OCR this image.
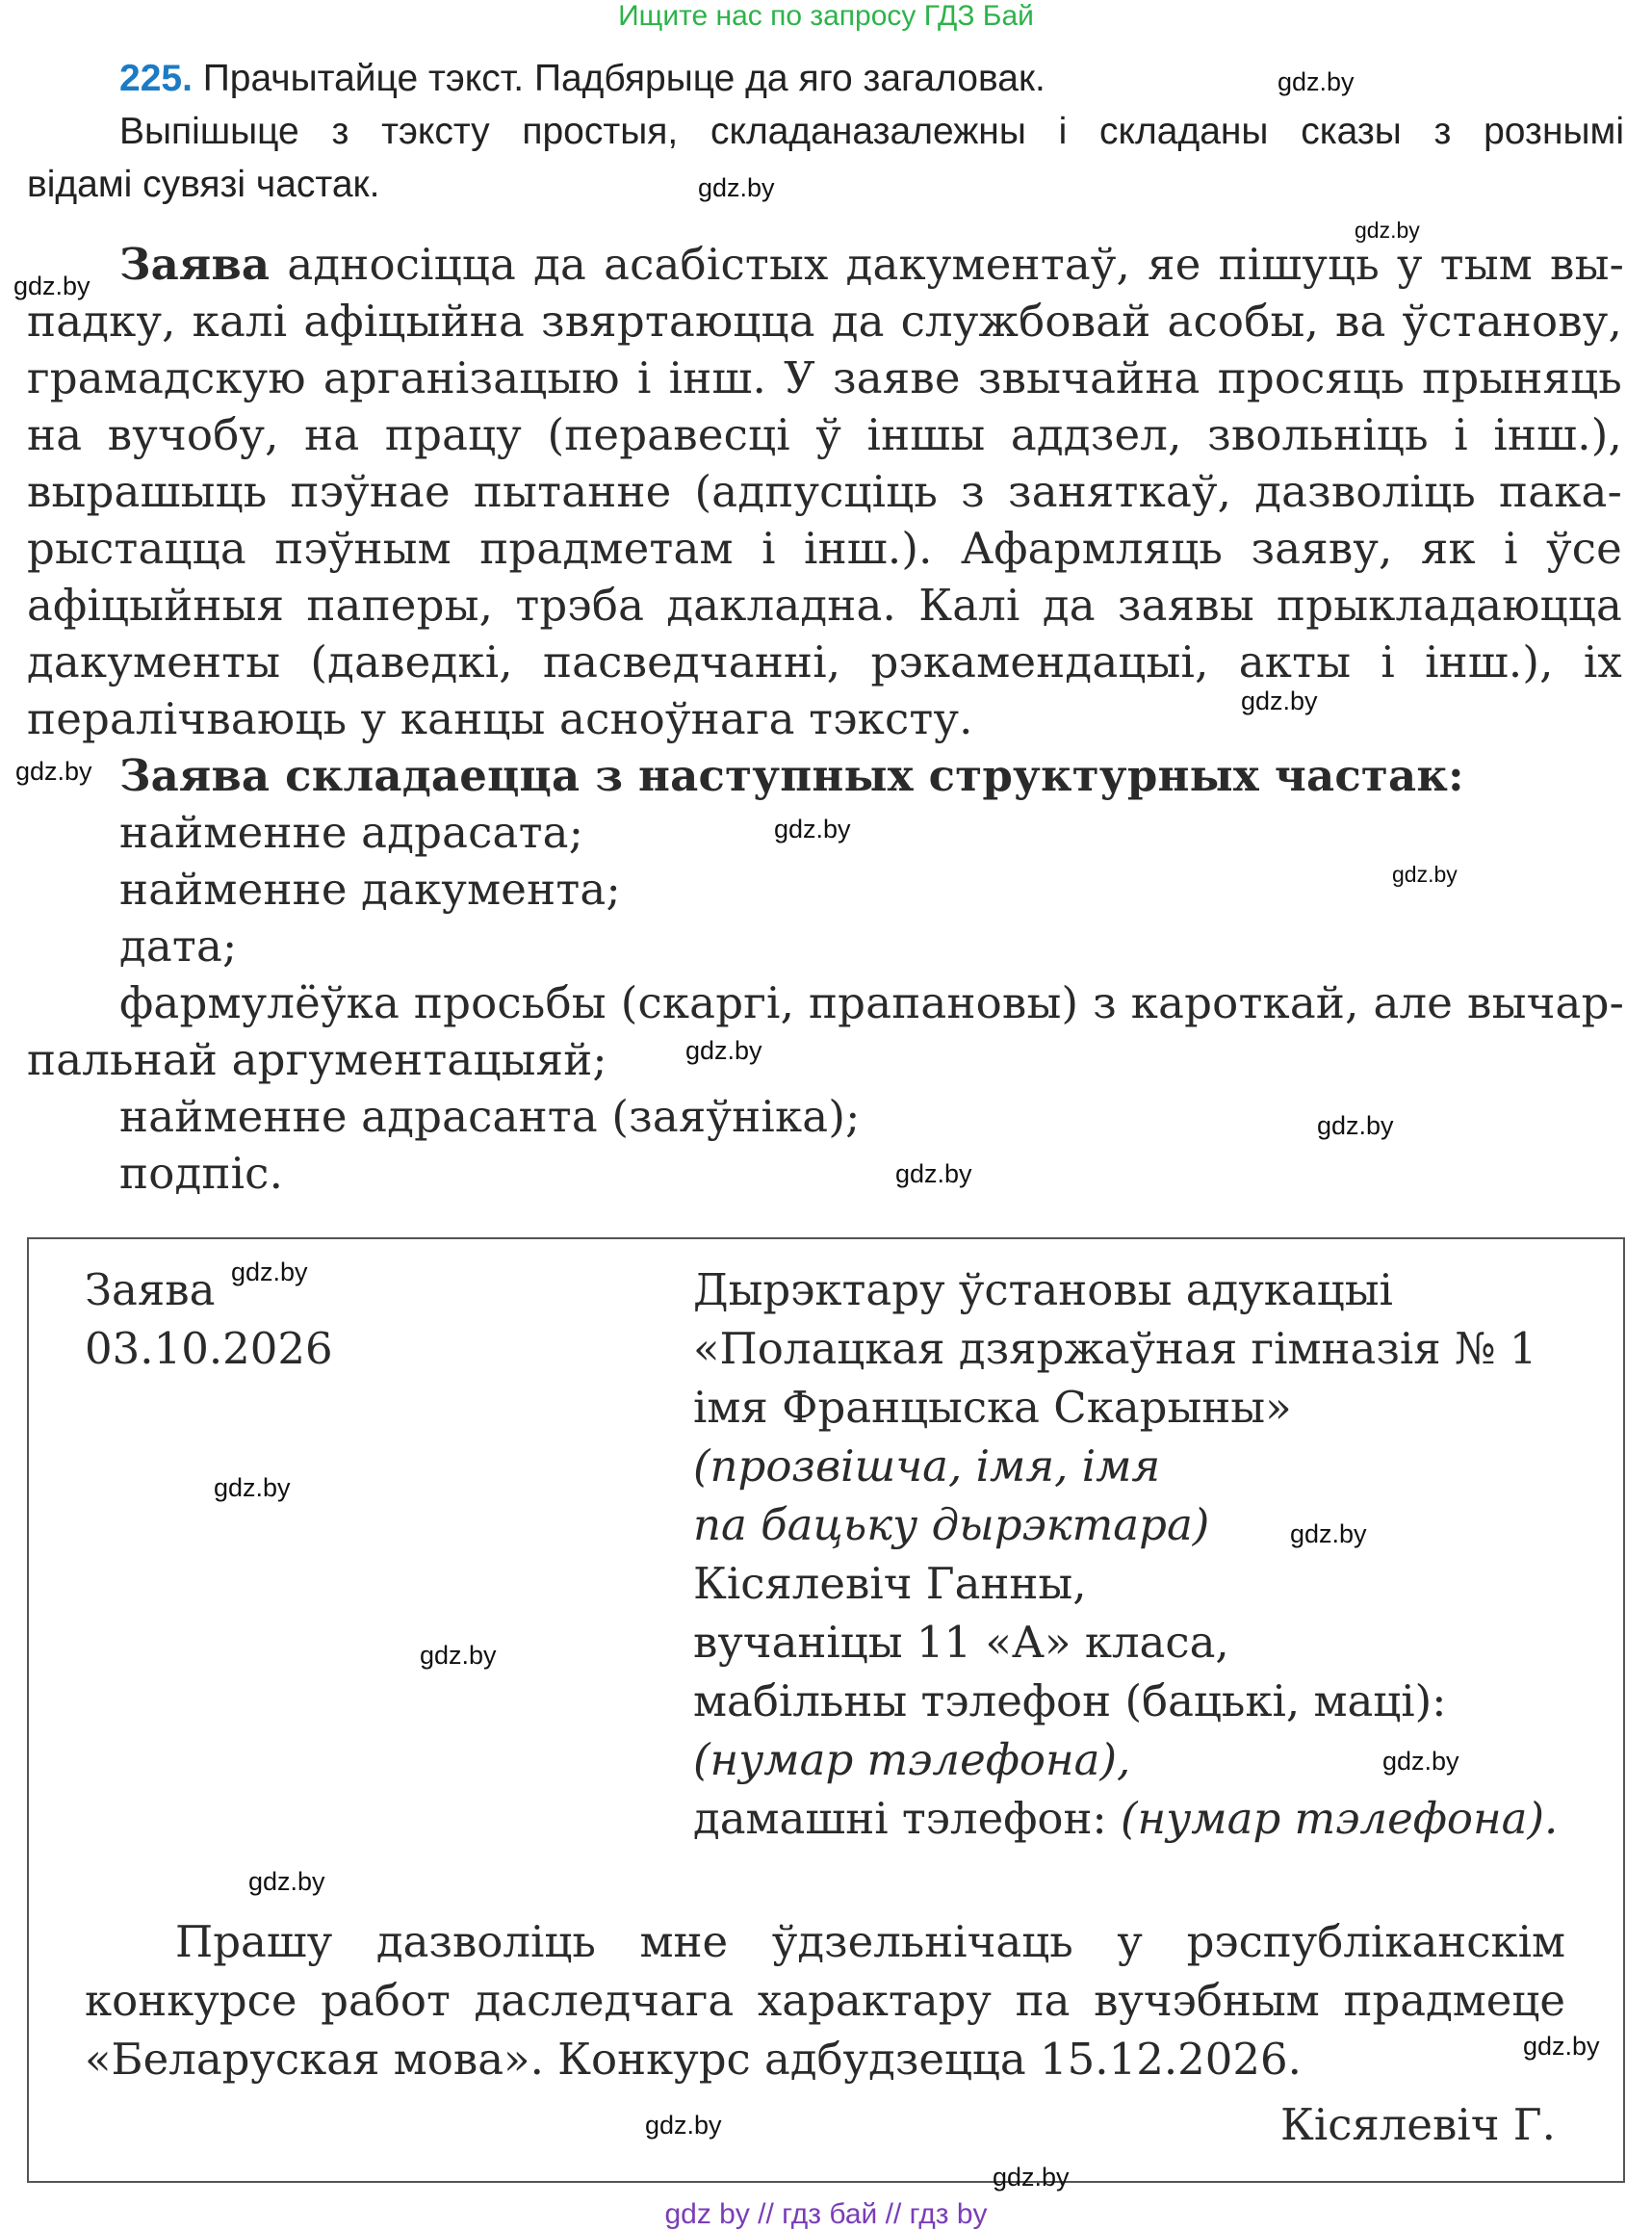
Ищите нас по запросу ГДЗ Бай
225. Прачытайце тэкст. Падбярыце да яго загаловак.
Выпішыце з тэксту простыя, складаназалежны і складаны сказы з рознымі
відамі сувязі частак.
Заява адносіцца да асабістых дакументаў, яе пішуць у тым вы-
падку, калі афіцыйна звяртаюцца да службовай асобы, ва ўстанову,
грамадскую арганізацыю і інш. У заяве звычайна просяць прыняць
на вучобу, на працу (перавесці ў іншы аддзел, звольніць і інш.),
вырашыць пэўнае пытанне (адпусціць з заняткаў, дазволіць пака-
рыстацца пэўным прадметам і інш.). Афармляць заяву, як і ўсе
афіцыйныя паперы, трэба дакладна. Калі да заявы прыкладаюцца
дакументы (даведкі, пасведчанні, рэкамендацыі, акты і інш.), іх
пералічваюць у канцы асноўнага тэксту.
Заява складаецца з наступных структурных частак:
найменне адрасата;
найменне дакумента;
дата;
фармулёўка просьбы (скаргі, прапановы) з кароткай, але вычар-
пальнай аргументацыяй;
найменне адрасанта (заяўніка);
подпіс.
Заява
03.10.2026
Дырэктару ўстановы адукацыі
«Полацкая дзяржаўная гімназія № 1
імя Францыска Скарыны»
(прозвішча, імя, імя
па бацьку дырэктара)
Кісялевіч Ганны,
вучаніцы 11 «А» класа,
мабільны тэлефон (бацькі, маці):
(нумар тэлефона),
дамашні тэлефон: (нумар тэлефона).
Прашу дазволіць мне ўдзельнічаць у рэспубліканскім
конкурсе работ даследчага характару па вучэбным прадмеце
«Беларуская мова». Конкурс адбудзецца 15.12.2026.
Кісялевіч Г.
gdz.by
gdz.by
gdz.by
gdz.by
gdz.by
gdz.by
gdz.by
gdz.by
gdz.by
gdz.by
gdz.by
gdz.by
gdz.by
gdz.by
gdz.by
gdz.by
gdz.by
gdz.by
gdz.by
gdz.by
gdz by // гдз бай // гдз by
